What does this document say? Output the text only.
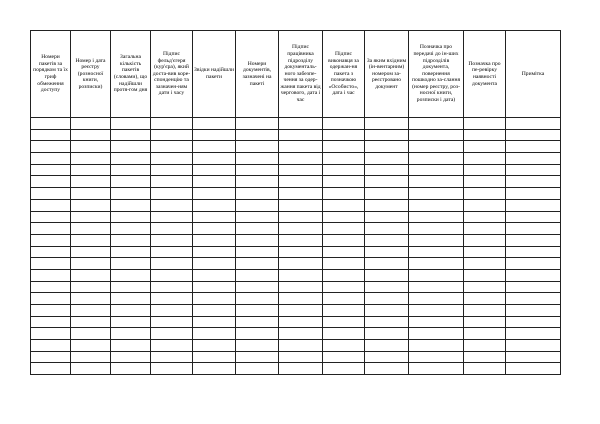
Номери пакетів за порядком та їх гриф обмеження доступу	Номер і дата реєстру (розносної книги, розписки)	Загальна кількість пакетів (словами), що надійшли протя-гом дня	Підпис фельд'єгеря (кур'єра), який доста-вив коре-спонденцію та зазначен-ням дати і часу	Звідки надійшли пакети	Номери документів, зазначені на пакеті	Підпис працівника підрозділу документаль-ного забезпе-чення за одер-жання пакета від чергового, дата і час	Підпис виконавця за одержан-ня пакета з позначкою «Особисто», дата і час	За яким вхідним (ін-вентарним) номером за-реєстровано документ	Позначка про передачі до ін-ших підрозділів документа, повернення пошкодно за-слання (номер реєстру, роз-носної книги, розписки і дата)	Позначка про пе-ревірку наявності документа	Примітка
